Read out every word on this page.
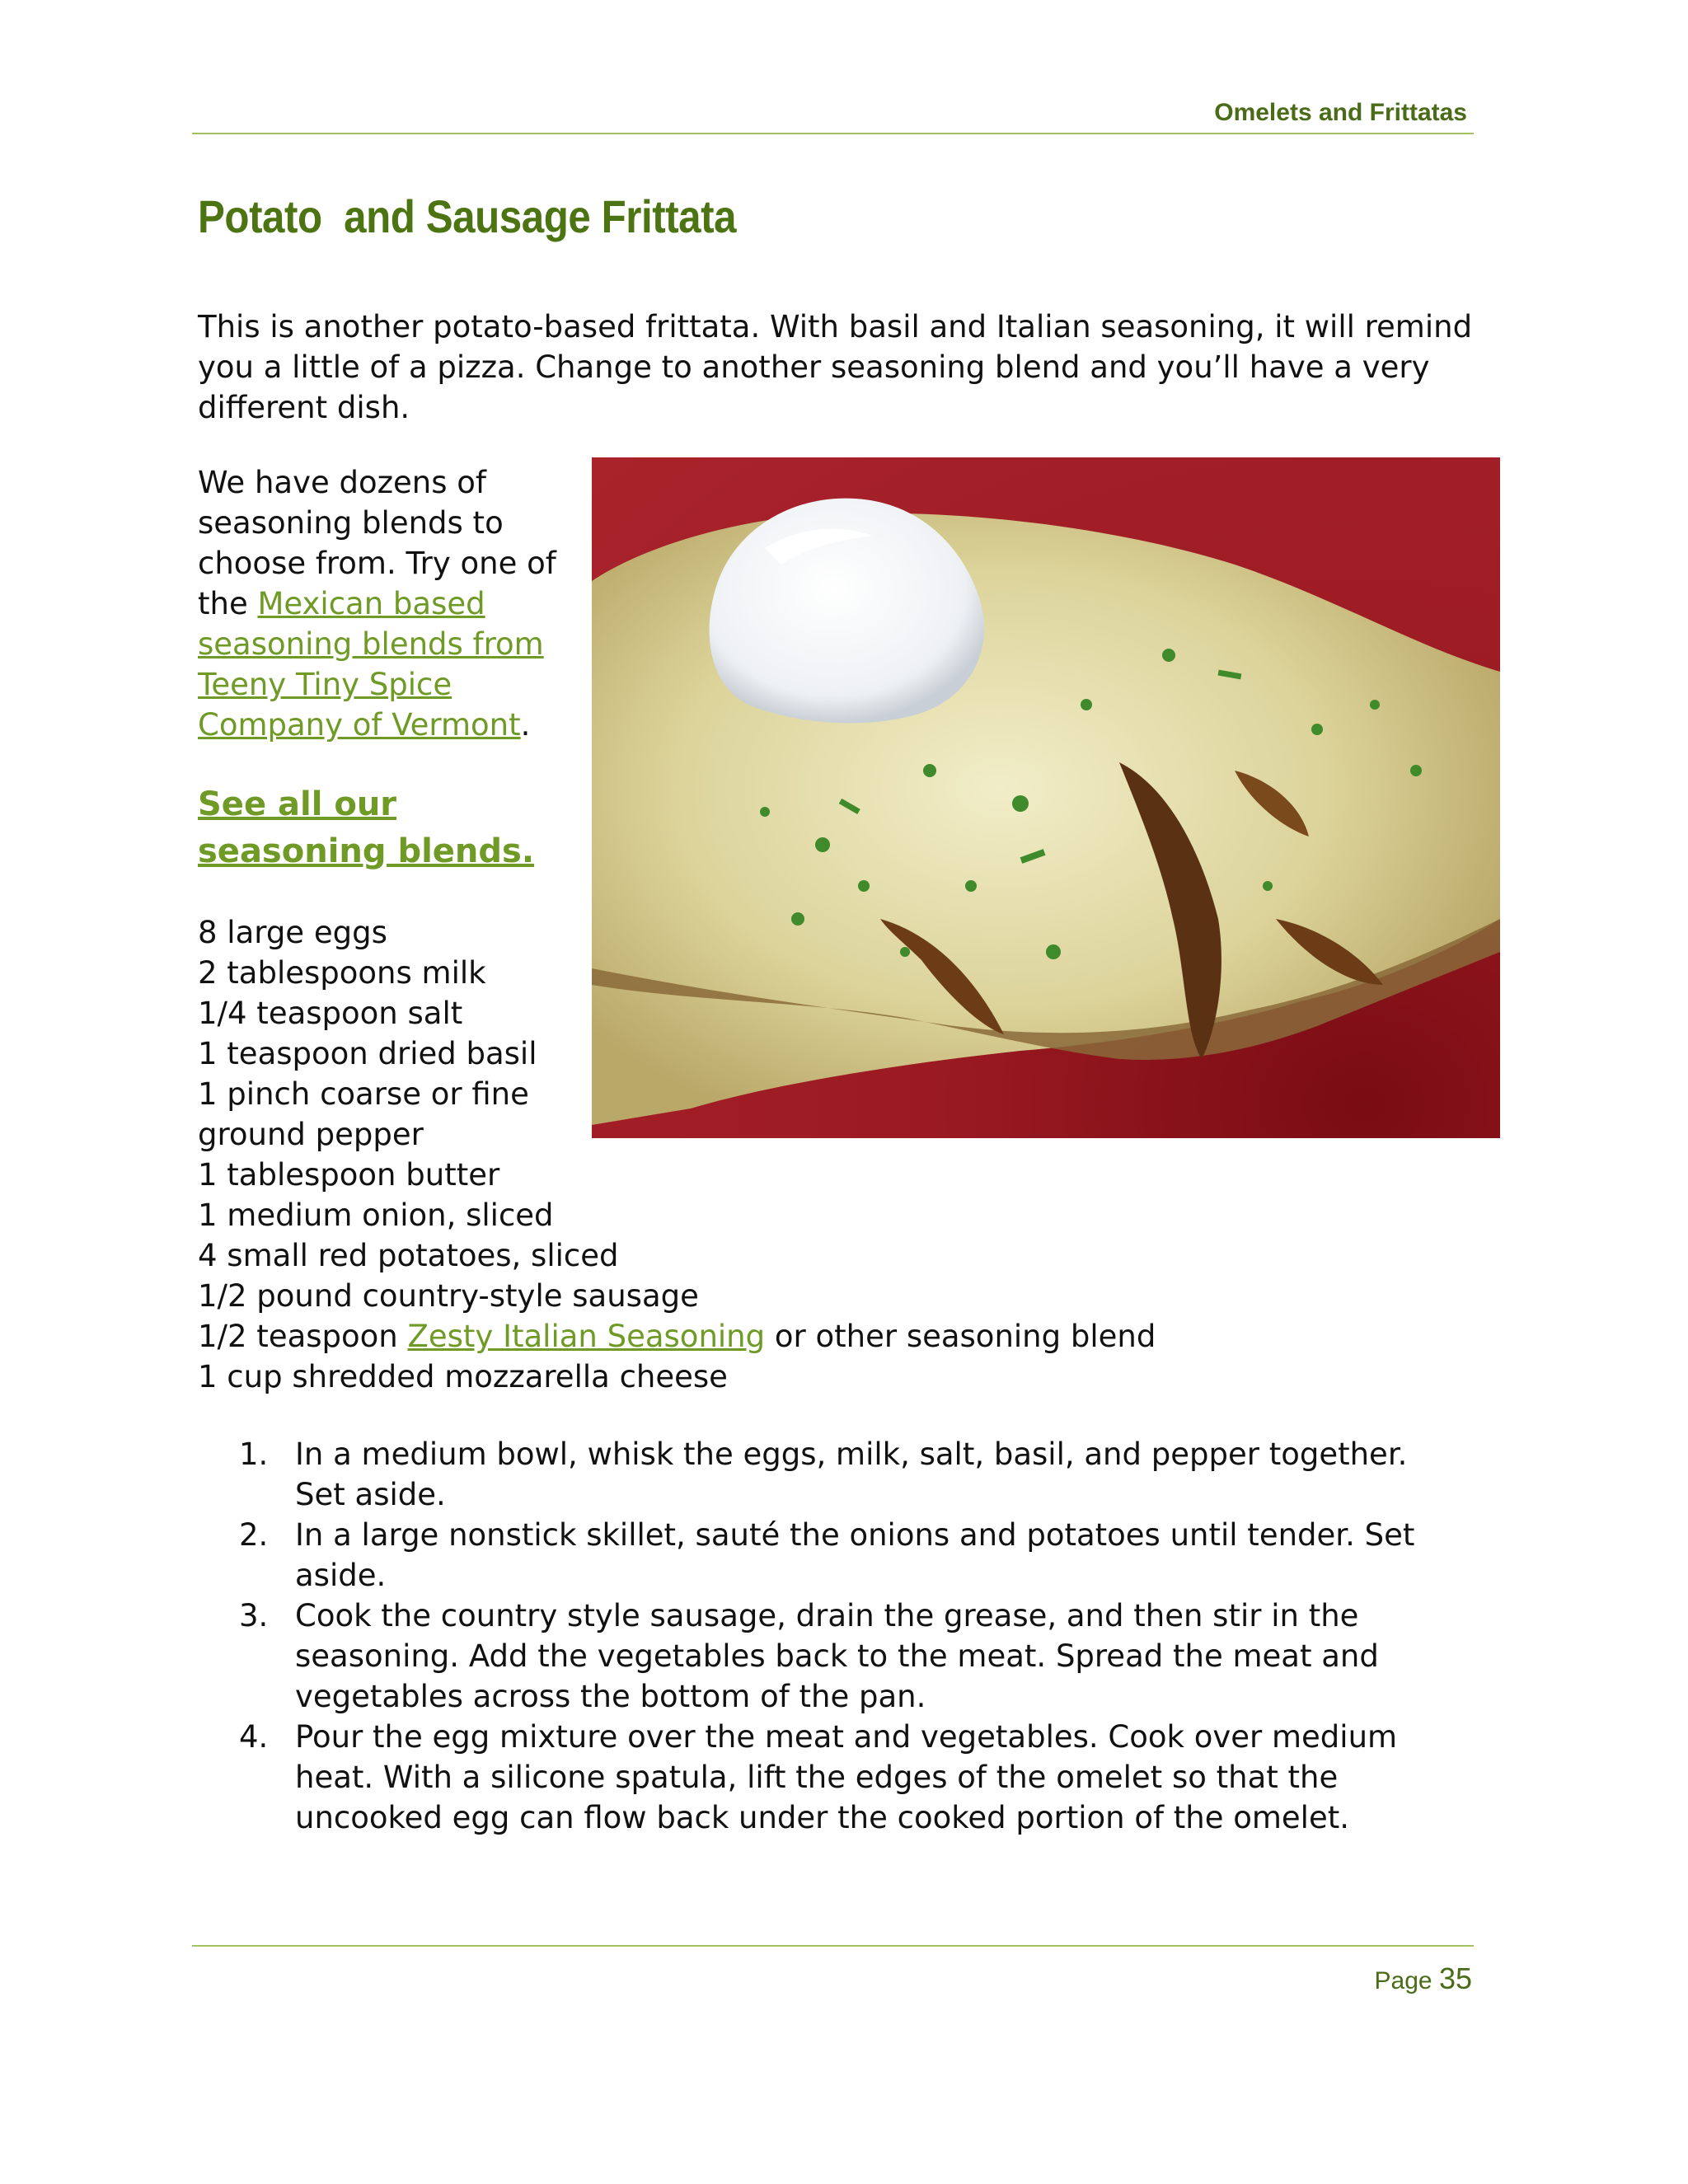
Omelets and Frittatas
Potato  and Sausage Frittata

This is another potato-based frittata. With basil and Italian seasoning, it will remind you a little of a pizza. Change to another seasoning blend and you’ll have a very different dish.

We have dozens of seasoning blends to choose from. Try one of the Mexican based seasoning blends from Teeny Tiny Spice Company of Vermont.
See all our seasoning blends.
8 large eggs
2 tablespoons milk
1/4 teaspoon salt
1 teaspoon dried basil
1 pinch coarse or fine
ground pepper
1 tablespoon butter
1 medium onion, sliced
4 small red potatoes, sliced
1/2 pound country-style sausage
1/2 teaspoon Zesty Italian Seasoning or other seasoning blend
1 cup shredded mozzarella cheese
1. In a medium bowl, whisk the eggs, milk, salt, basil, and pepper together. Set aside.
2. In a large nonstick skillet, sauté the onions and potatoes until tender. Set aside.
3. Cook the country style sausage, drain the grease, and then stir in the seasoning. Add the vegetables back to the meat. Spread the meat and vegetables across the bottom of the pan.
4. Pour the egg mixture over the meat and vegetables. Cook over medium heat. With a silicone spatula, lift the edges of the omelet so that the uncooked egg can flow back under the cooked portion of the omelet.
Page 35
